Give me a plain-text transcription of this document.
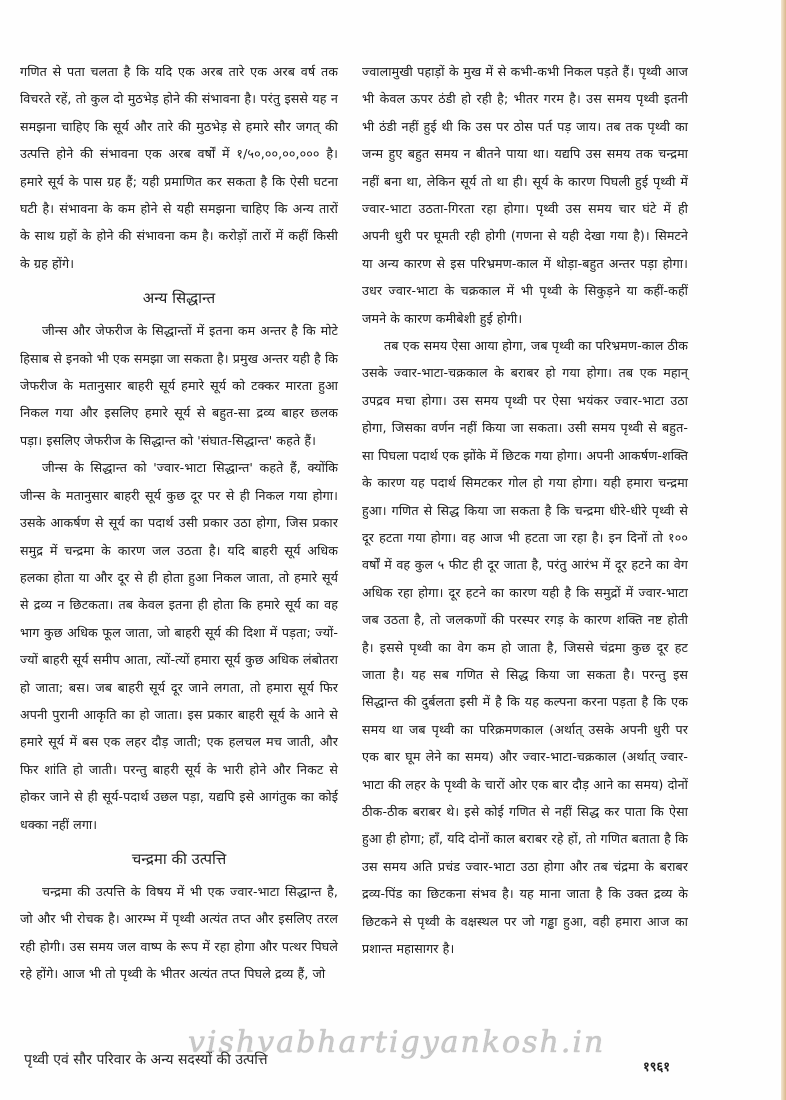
गणित से पता चलता है कि यदि एक अरब तारे एक अरब वर्ष तक विचरते रहें, तो कुल दो मुठभेड़ होने की संभावना है। परंतु इससे यह न समझना चाहिए कि सूर्य और तारे की मुठभेड़ से हमारे सौर जगत् की उत्पत्ति होने की संभावना एक अरब वर्षों में १/५०,००,००,००० है। हमारे सूर्य के पास ग्रह हैं; यही प्रमाणित कर सकता है कि ऐसी घटना घटी है। संभावना के कम होने से यही समझना चाहिए कि अन्य तारों के साथ ग्रहों के होने की संभावना कम है। करोड़ों तारों में कहीं किसी के ग्रह होंगे।

अन्य सिद्धान्त

जीन्स और जेफरीज के सिद्धान्तों में इतना कम अन्तर है कि मोटे हिसाब से इनको भी एक समझा जा सकता है। प्रमुख अन्तर यही है कि जेफरीज के मतानुसार बाहरी सूर्य हमारे सूर्य को टक्कर मारता हुआ निकल गया और इसलिए हमारे सूर्य से बहुत-सा द्रव्य बाहर छलक पड़ा। इसलिए जेफरीज के सिद्धान्त को 'संघात-सिद्धान्त' कहते हैं।

जीन्स के सिद्धान्त को 'ज्वार-भाटा सिद्धान्त' कहते हैं, क्योंकि जीन्स के मतानुसार बाहरी सूर्य कुछ दूर पर से ही निकल गया होगा। उसके आकर्षण से सूर्य का पदार्थ उसी प्रकार उठा होगा, जिस प्रकार समुद्र में चन्द्रमा के कारण जल उठता है। यदि बाहरी सूर्य अधिक हलका होता या और दूर से ही होता हुआ निकल जाता, तो हमारे सूर्य से द्रव्य न छिटकता। तब केवल इतना ही होता कि हमारे सूर्य का वह भाग कुछ अधिक फूल जाता, जो बाहरी सूर्य की दिशा में पड़ता; ज्यों-ज्यों बाहरी सूर्य समीप आता, त्यों-त्यों हमारा सूर्य कुछ अधिक लंबोतरा हो जाता; बस। जब बाहरी सूर्य दूर जाने लगता, तो हमारा सूर्य फिर अपनी पुरानी आकृति का हो जाता। इस प्रकार बाहरी सूर्य के आने से हमारे सूर्य में बस एक लहर दौड़ जाती; एक हलचल मच जाती, और फिर शांति हो जाती। परन्तु बाहरी सूर्य के भारी होने और निकट से होकर जाने से ही सूर्य-पदार्थ उछल पड़ा, यद्यपि इसे आगंतुक का कोई धक्का नहीं लगा।

चन्द्रमा की उत्पत्ति

चन्द्रमा की उत्पत्ति के विषय में भी एक ज्वार-भाटा सिद्धान्त है, जो और भी रोचक है। आरम्भ में पृथ्वी अत्यंत तप्त और इसलिए तरल रही होगी। उस समय जल वाष्प के रूप में रहा होगा और पत्थर पिघले रहे होंगे। आज भी तो पृथ्वी के भीतर अत्यंत तप्त पिघले द्रव्य हैं, जो

ज्वालामुखी पहाड़ों के मुख में से कभी-कभी निकल पड़ते हैं। पृथ्वी आज भी केवल ऊपर ठंडी हो रही है; भीतर गरम है। उस समय पृथ्वी इतनी भी ठंडी नहीं हुई थी कि उस पर ठोस पर्त पड़ जाय। तब तक पृथ्वी का जन्म हुए बहुत समय न बीतने पाया था। यद्यपि उस समय तक चन्द्रमा नहीं बना था, लेकिन सूर्य तो था ही। सूर्य के कारण पिघली हुई पृथ्वी में ज्वार-भाटा उठता-गिरता रहा होगा। पृथ्वी उस समय चार घंटे में ही अपनी धुरी पर घूमती रही होगी (गणना से यही देखा गया है)। सिमटने या अन्य कारण से इस परिभ्रमण-काल में थोड़ा-बहुत अन्तर पड़ा होगा। उधर ज्वार-भाटा के चक्रकाल में भी पृथ्वी के सिकुड़ने या कहीं-कहीं जमने के कारण कमीबेशी हुई होगी।

तब एक समय ऐसा आया होगा, जब पृथ्वी का परिभ्रमण-काल ठीक उसके ज्वार-भाटा-चक्रकाल के बराबर हो गया होगा। तब एक महान् उपद्रव मचा होगा। उस समय पृथ्वी पर ऐसा भयंकर ज्वार-भाटा उठा होगा, जिसका वर्णन नहीं किया जा सकता। उसी समय पृथ्वी से बहुत-सा पिघला पदार्थ एक झोंके में छिटक गया होगा। अपनी आकर्षण-शक्ति के कारण यह पदार्थ सिमटकर गोल हो गया होगा। यही हमारा चन्द्रमा हुआ। गणित से सिद्ध किया जा सकता है कि चन्द्रमा धीरे-धीरे पृथ्वी से दूर हटता गया होगा। वह आज भी हटता जा रहा है। इन दिनों तो १०० वर्षों में वह कुल ५ फीट ही दूर जाता है, परंतु आरंभ में दूर हटने का वेग अधिक रहा होगा। दूर हटने का कारण यही है कि समुद्रों में ज्वार-भाटा जब उठता है, तो जलकणों की परस्पर रगड़ के कारण शक्ति नष्ट होती है। इससे पृथ्वी का वेग कम हो जाता है, जिससे चंद्रमा कुछ दूर हट जाता है। यह सब गणित से सिद्ध किया जा सकता है। परन्तु इस सिद्धान्त की दुर्बलता इसी में है कि यह कल्पना करना पड़ता है कि एक समय था जब पृथ्वी का परिक्रमणकाल (अर्थात् उसके अपनी धुरी पर एक बार घूम लेने का समय) और ज्वार-भाटा-चक्रकाल (अर्थात् ज्वार-भाटा की लहर के पृथ्वी के चारों ओर एक बार दौड़ आने का समय) दोनों ठीक-ठीक बराबर थे। इसे कोई गणित से नहीं सिद्ध कर पाता कि ऐसा हुआ ही होगा; हाँ, यदि दोनों काल बराबर रहे हों, तो गणित बताता है कि उस समय अति प्रचंड ज्वार-भाटा उठा होगा और तब चंद्रमा के बराबर द्रव्य-पिंड का छिटकना संभव है। यह माना जाता है कि उक्त द्रव्य के छिटकने से पृथ्वी के वक्षस्थल पर जो गड्ढा हुआ, वही हमारा आज का प्रशान्त महासागर है।

vishvabhartigyankosh.in
पृथ्वी एवं सौर परिवार के अन्य सदस्यों की उत्पत्ति	१९६१
